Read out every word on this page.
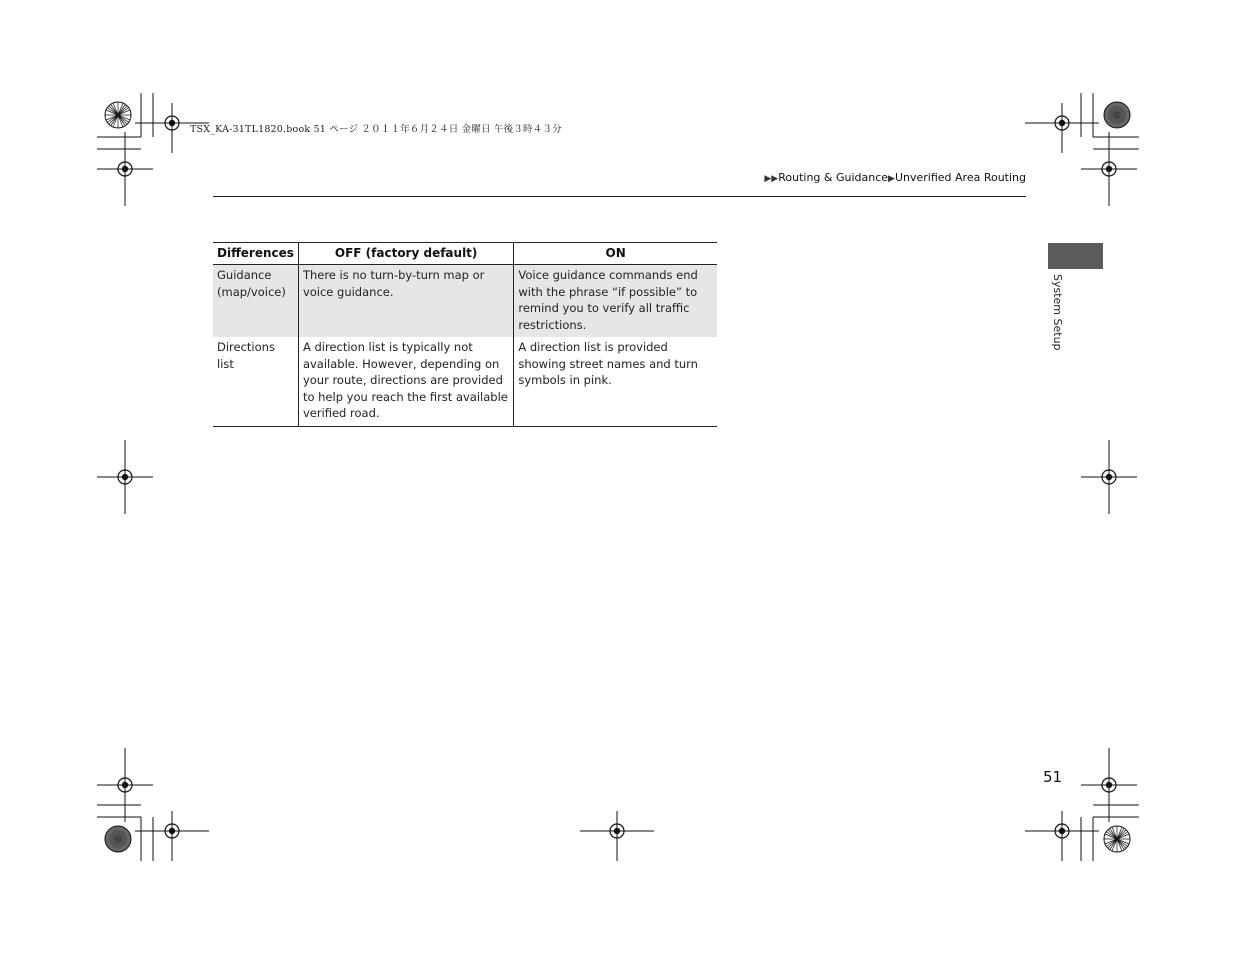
TSX_KA-31TL1820.book 51 ページ ２０１１年６月２４日 金曜日 午後３時４３分
▶▶Routing & Guidance▶Unverified Area Routing
System Setup
Differences	OFF (factory default)	ON
Guidance (map/voice)	There is no turn-by-turn map or voice guidance.	Voice guidance commands end with the phrase “if possible” to remind you to verify all traffic restrictions.
Directions list	A direction list is typically not available. However, depending on your route, directions are provided to help you reach the first available verified road.	A direction list is provided showing street names and turn symbols in pink.
51
